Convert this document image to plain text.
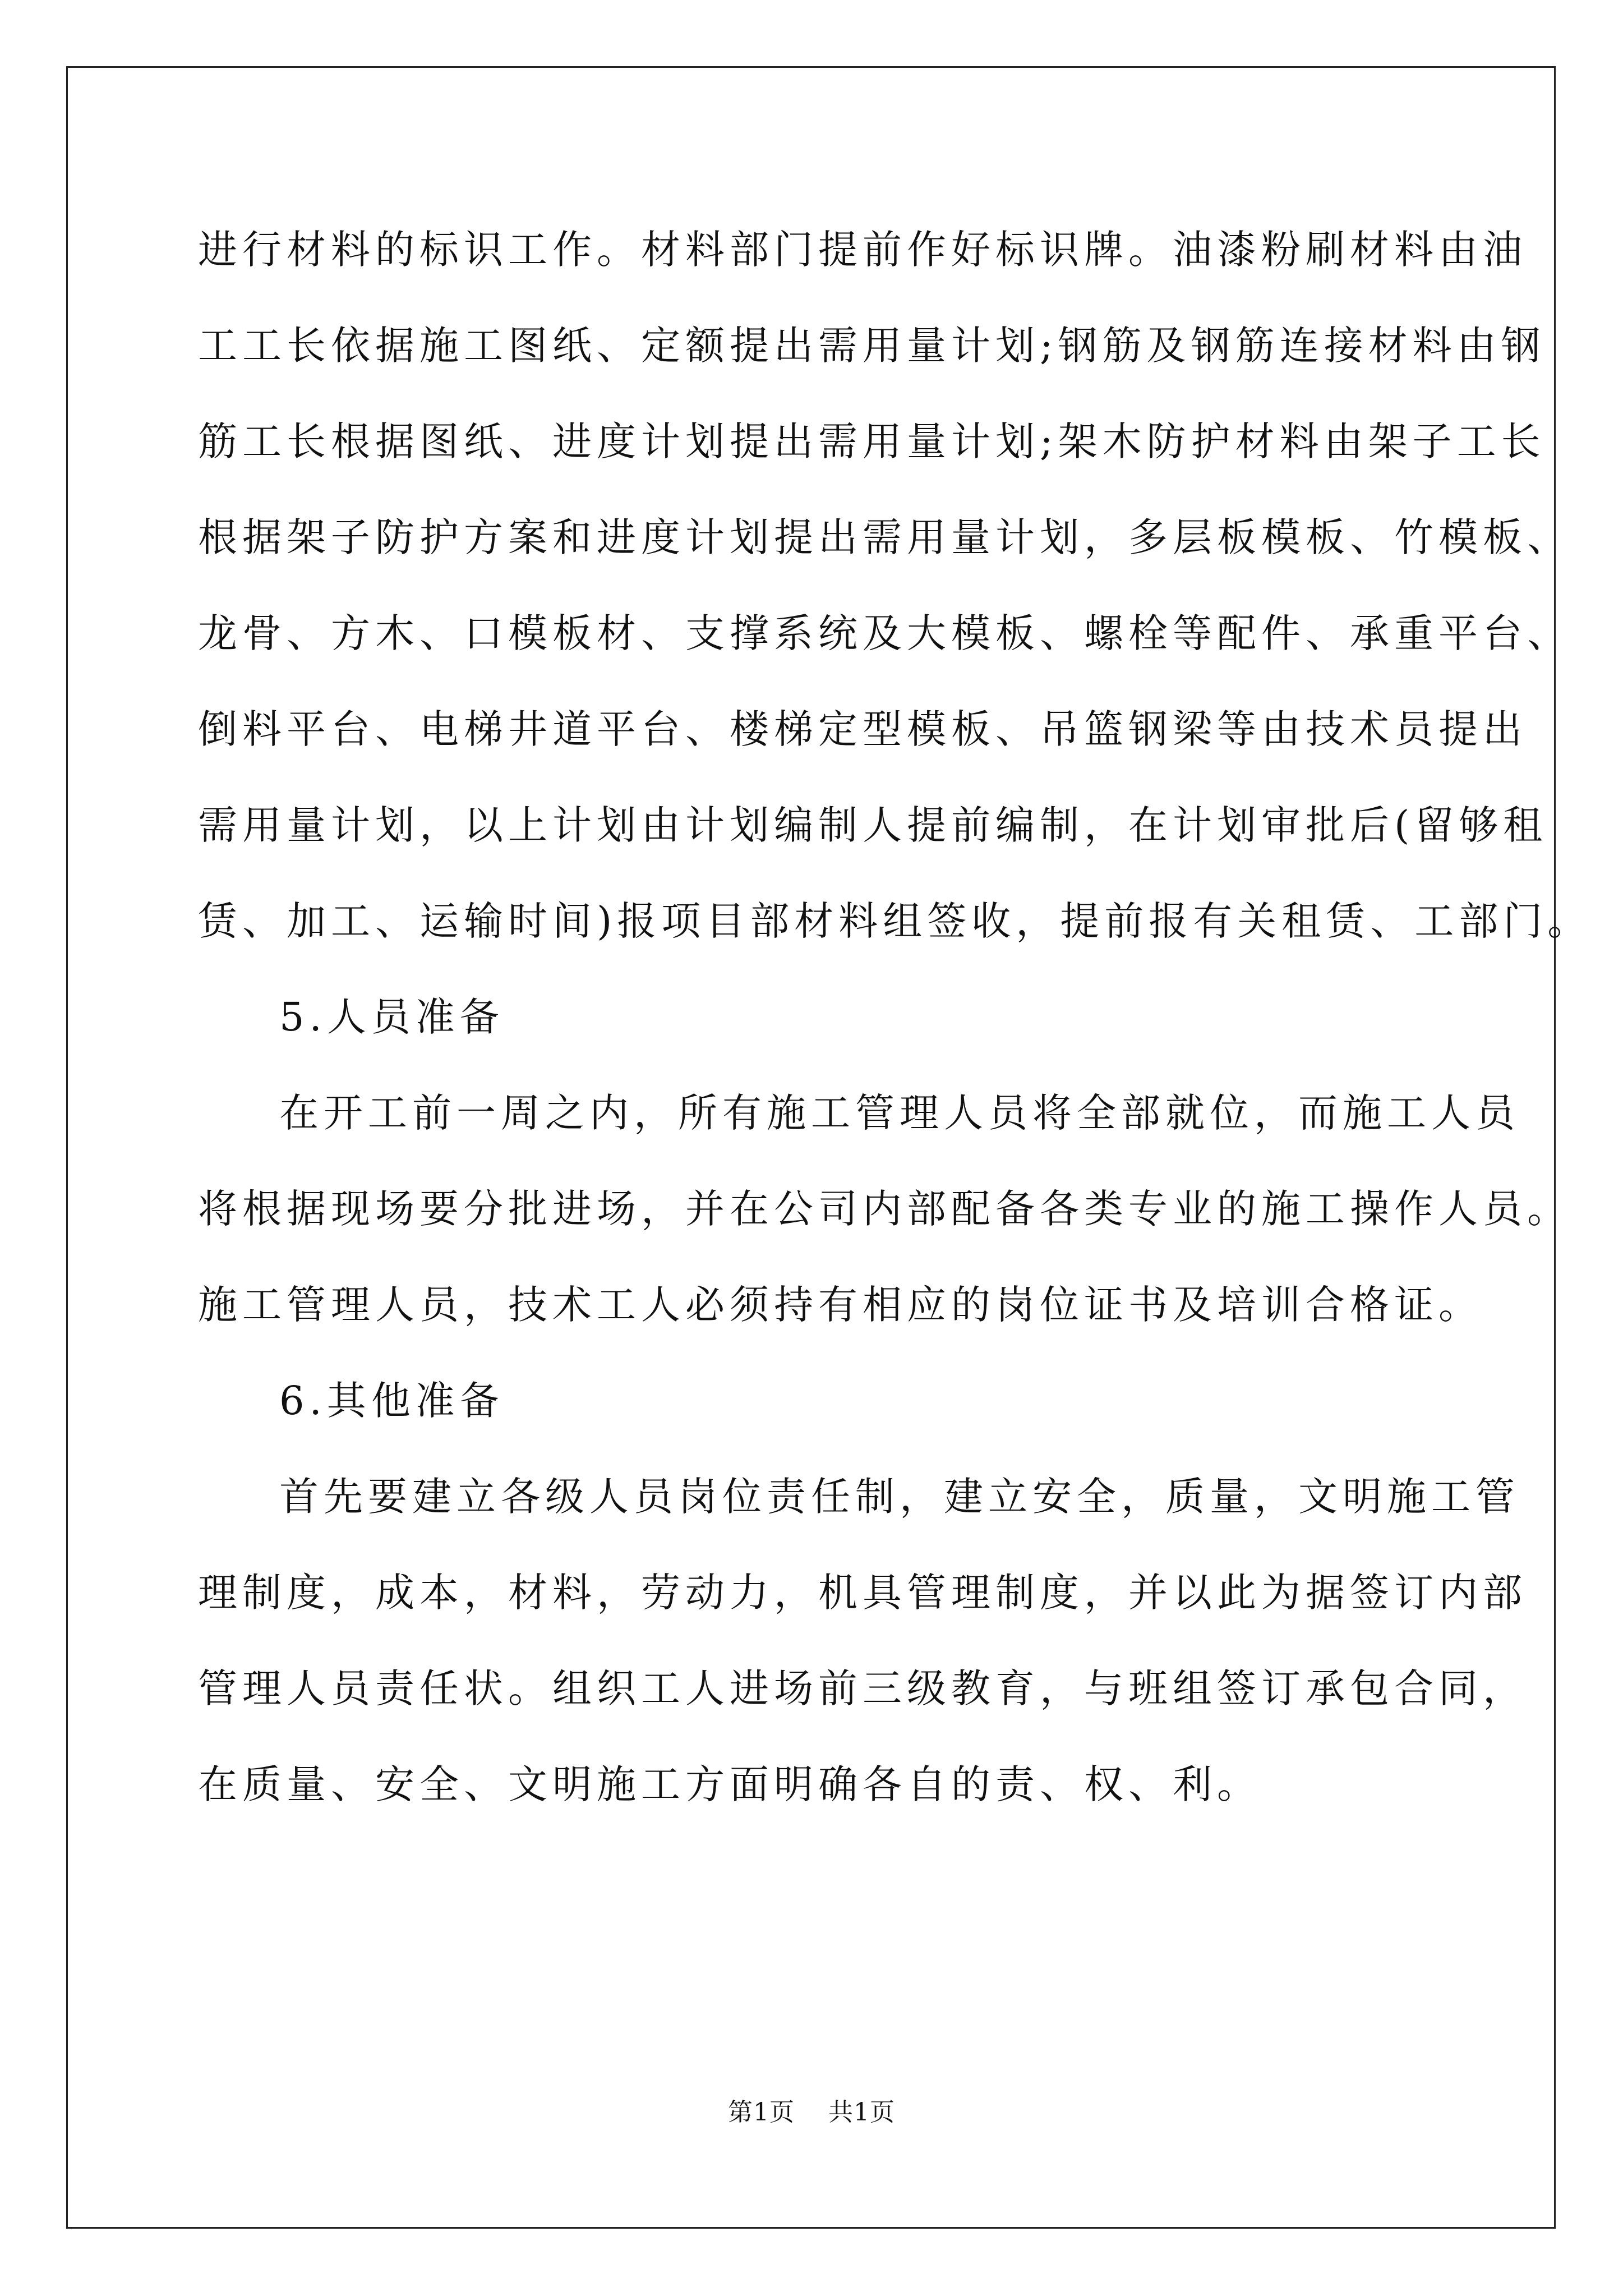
进行材料的标识工作。材料部门提前作好标识牌。油漆粉刷材料由油

工工长依据施工图纸、定额提出需用量计划;钢筋及钢筋连接材料由钢

筋工长根据图纸、进度计划提出需用量计划;架木防护材料由架子工长

根据架子防护方案和进度计划提出需用量计划，多层板模板、竹模板、

龙骨、方木、口模板材、支撑系统及大模板、螺栓等配件、承重平台、

倒料平台、电梯井道平台、楼梯定型模板、吊篮钢梁等由技术员提出

需用量计划，以上计划由计划编制人提前编制，在计划审批后(留够租

赁、加工、运输时间)报项目部材料组签收，提前报有关租赁、工部门。

5.人员准备

在开工前一周之内，所有施工管理人员将全部就位，而施工人员

将根据现场要分批进场，并在公司内部配备各类专业的施工操作人员。

施工管理人员，技术工人必须持有相应的岗位证书及培训合格证。

6.其他准备

首先要建立各级人员岗位责任制，建立安全，质量，文明施工管

理制度，成本，材料，劳动力，机具管理制度，并以此为据签订内部

管理人员责任状。组织工人进场前三级教育，与班组签订承包合同，

在质量、安全、文明施工方面明确各自的责、权、利。

第1页    共1页
